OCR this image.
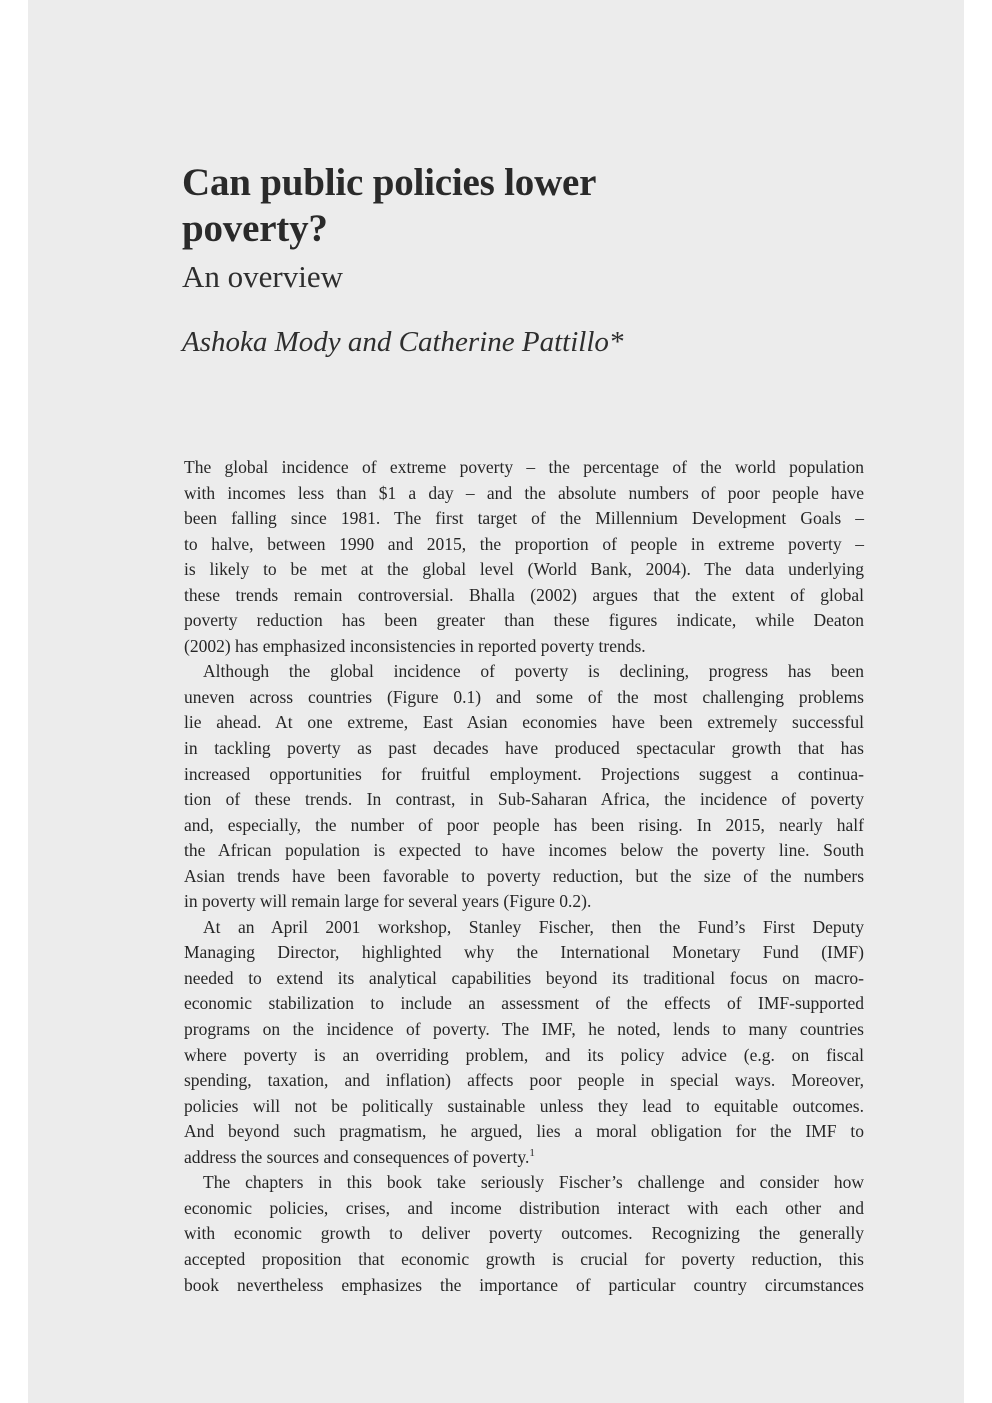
Can public policies lower
poverty?
An overview

Ashoka Mody and Catherine Pattillo*

The global incidence of extreme poverty – the percentage of the world population
with incomes less than $1 a day – and the absolute numbers of poor people have
been falling since 1981. The first target of the Millennium Development Goals –
to halve, between 1990 and 2015, the proportion of people in extreme poverty –
is likely to be met at the global level (World Bank, 2004). The data underlying
these trends remain controversial. Bhalla (2002) argues that the extent of global
poverty reduction has been greater than these figures indicate, while Deaton
(2002) has emphasized inconsistencies in reported poverty trends.
Although the global incidence of poverty is declining, progress has been
uneven across countries (Figure 0.1) and some of the most challenging problems
lie ahead. At one extreme, East Asian economies have been extremely successful
in tackling poverty as past decades have produced spectacular growth that has
increased opportunities for fruitful employment. Projections suggest a continua-
tion of these trends. In contrast, in Sub-Saharan Africa, the incidence of poverty
and, especially, the number of poor people has been rising. In 2015, nearly half
the African population is expected to have incomes below the poverty line. South
Asian trends have been favorable to poverty reduction, but the size of the numbers
in poverty will remain large for several years (Figure 0.2).
At an April 2001 workshop, Stanley Fischer, then the Fund’s First Deputy
Managing Director, highlighted why the International Monetary Fund (IMF)
needed to extend its analytical capabilities beyond its traditional focus on macro-
economic stabilization to include an assessment of the effects of IMF-supported
programs on the incidence of poverty. The IMF, he noted, lends to many countries
where poverty is an overriding problem, and its policy advice (e.g. on fiscal
spending, taxation, and inflation) affects poor people in special ways. Moreover,
policies will not be politically sustainable unless they lead to equitable outcomes.
And beyond such pragmatism, he argued, lies a moral obligation for the IMF to
address the sources and consequences of poverty.$^1$
The chapters in this book take seriously Fischer’s challenge and consider how
economic policies, crises, and income distribution interact with each other and
with economic growth to deliver poverty outcomes. Recognizing the generally
accepted proposition that economic growth is crucial for poverty reduction, this
book nevertheless emphasizes the importance of particular country circumstances
